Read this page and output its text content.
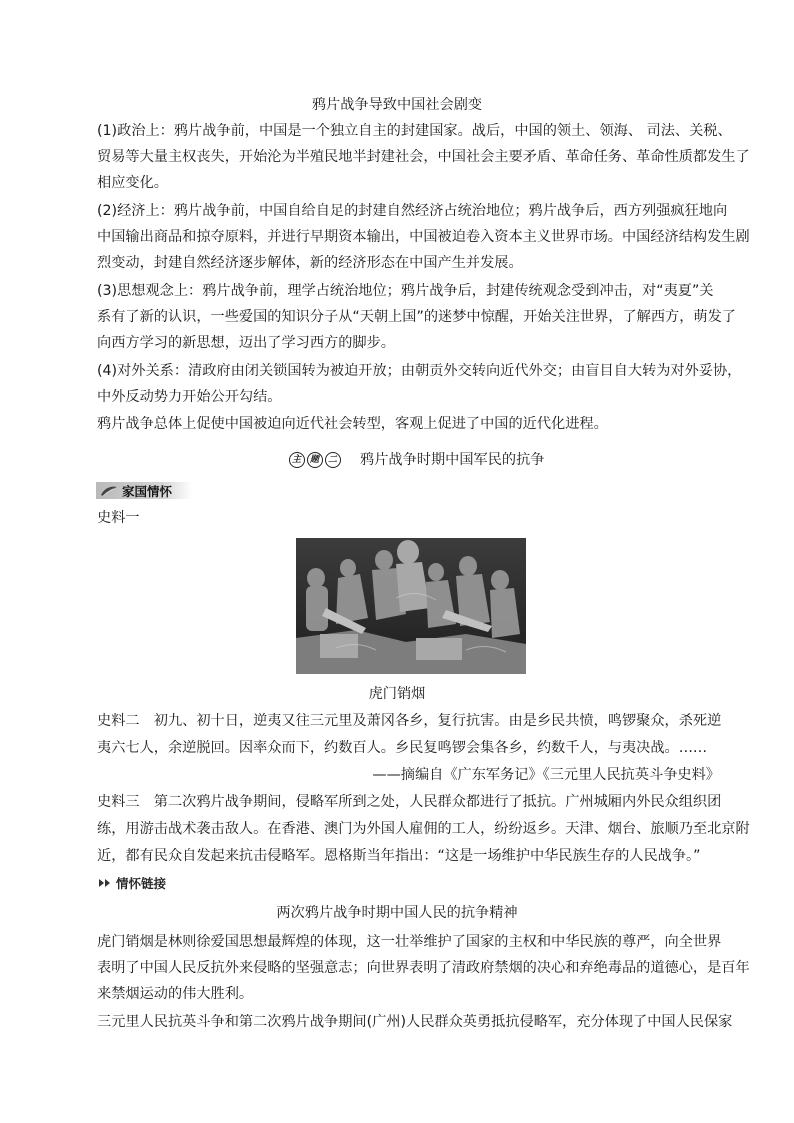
鸦片战争导致中国社会剧变
(1)政治上：鸦片战争前，中国是一个独立自主的封建国家。战后，中国的领土、领海、 司法、关税、
贸易等大量主权丧失，开始沦为半殖民地半封建社会，中国社会主要矛盾、革命任务、革命性质都发生了
相应变化。
(2)经济上：鸦片战争前，中国自给自足的封建自然经济占统治地位；鸦片战争后，西方列强疯狂地向
中国输出商品和掠夺原料，并进行早期资本输出，中国被迫卷入资本主义世界市场。中国经济结构发生剧
烈变动，封建自然经济逐步解体，新的经济形态在中国产生并发展。
(3)思想观念上：鸦片战争前，理学占统治地位；鸦片战争后，封建传统观念受到冲击，对“夷夏”关
系有了新的认识，一些爱国的知识分子从“天朝上国”的迷梦中惊醒，开始关注世界，了解西方，萌发了
向西方学习的新思想，迈出了学习西方的脚步。
(4)对外关系：清政府由闭关锁国转为被迫开放；由朝贡外交转向近代外交；由盲目自大转为对外妥协，
中外反动势力开始公开勾结。
鸦片战争总体上促使中国被迫向近代社会转型，客观上促进了中国的近代化进程。
主 题 二 鸦片战争时期中国军民的抗争
家国情怀
史料一
虎门销烟
史料二　初九、初十日，逆夷又往三元里及萧冈各乡，复行抗害。由是乡民共愤，鸣锣聚众，杀死逆
夷六七人，余逆脱回。因率众而下，约数百人。乡民复鸣锣会集各乡，约数千人，与夷决战。……
——摘编自《广东军务记》《三元里人民抗英斗争史料》
史料三　第二次鸦片战争期间，侵略军所到之处，人民群众都进行了抵抗。广州城厢内外民众组织团
练，用游击战术袭击敌人。在香港、澳门为外国人雇佣的工人，纷纷返乡。天津、烟台、旅顺乃至北京附
近，都有民众自发起来抗击侵略军。恩格斯当年指出：“这是一场维护中华民族生存的人民战争。”
情怀链接
两次鸦片战争时期中国人民的抗争精神
虎门销烟是林则徐爱国思想最辉煌的体现，这一壮举维护了国家的主权和中华民族的尊严，向全世界
表明了中国人民反抗外来侵略的坚强意志；向世界表明了清政府禁烟的决心和弃绝毒品的道德心，是百年
来禁烟运动的伟大胜利。
三元里人民抗英斗争和第二次鸦片战争期间(广州)人民群众英勇抵抗侵略军，充分体现了中国人民保家
